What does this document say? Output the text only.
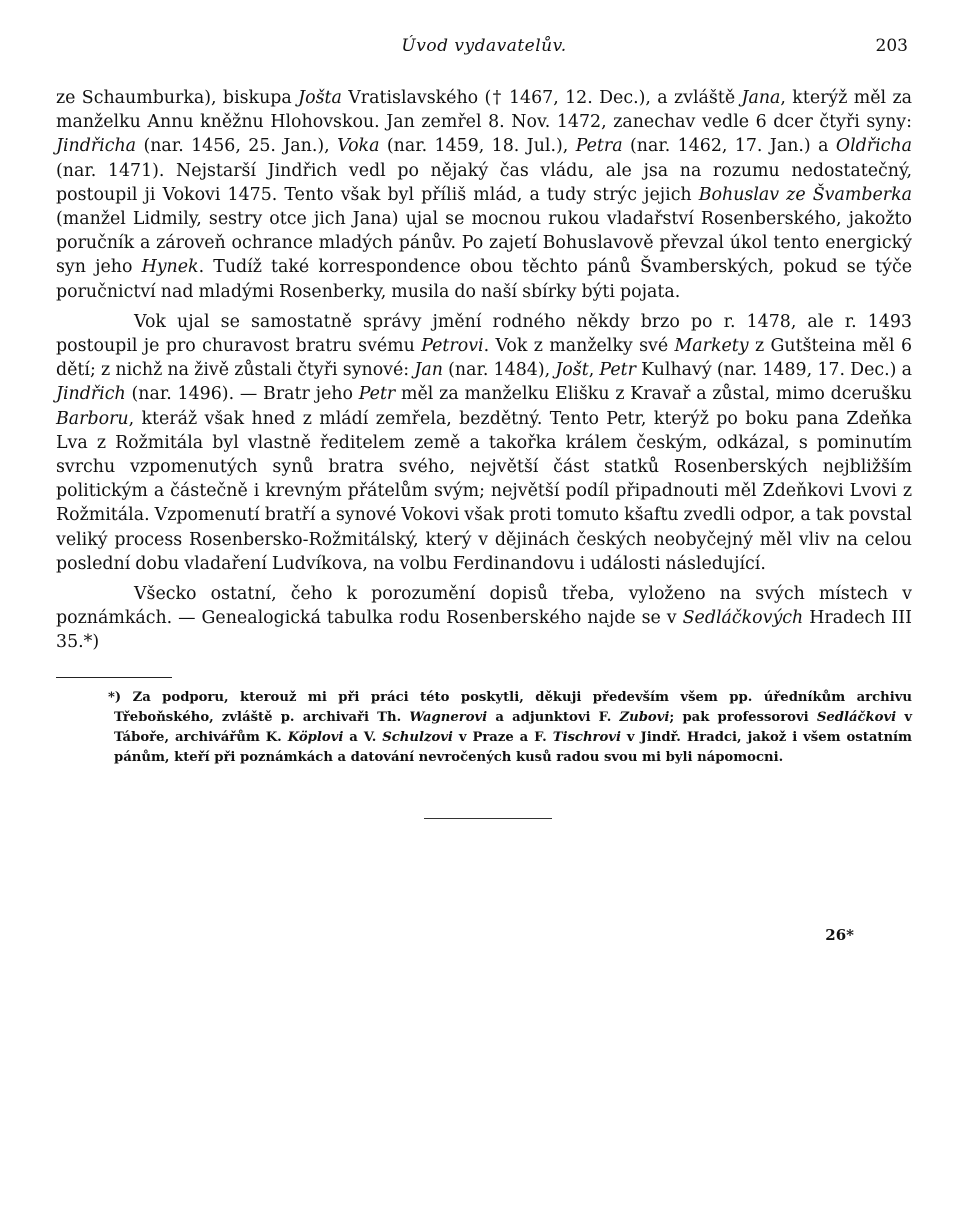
Úvod vydavatelův.	203

ze Schaumburka), biskupa Jošta Vratislavského († 1467, 12. Dec.), a zvláště Jana, kterýž měl za manželku Annu kněžnu Hlohovskou. Jan zemřel 8. Nov. 1472, zanechav vedle 6 dcer čtyři syny: Jindřicha (nar. 1456, 25. Jan.), Voka (nar. 1459, 18. Jul.), Petra (nar. 1462, 17. Jan.) a Oldřicha (nar. 1471). Nejstarší Jindřich vedl po nějaký čas vládu, ale jsa na rozumu nedostatečný, postoupil ji Vokovi 1475. Tento však byl příliš mlád, a tudy strýc jejich Bohuslav ze Švamberka (manžel Lidmily, sestry otce jich Jana) ujal se mocnou rukou vladařství Rosenberského, jakožto poručník a zároveň ochrance mladých pánův. Po zajetí Bohuslavově převzal úkol tento energický syn jeho Hynek. Tudíž také korrespondence obou těchto pánů Švamberských, pokud se týče poručnictví nad mladými Rosenberky, musila do naší sbírky býti pojata.

Vok ujal se samostatně správy jmění rodného někdy brzo po r. 1478, ale r. 1493 postoupil je pro churavost bratru svému Petrovi. Vok z manželky své Markety z Gutšteina měl 6 dětí; z nichž na živě zůstali čtyři synové: Jan (nar. 1484), Jošt, Petr Kulhavý (nar. 1489, 17. Dec.) a Jindřich (nar. 1496). — Bratr jeho Petr měl za manželku Elišku z Kravař a zůstal, mimo dcerušku Barboru, kteráž však hned z mládí zemřela, bezdětný. Tento Petr, kterýž po boku pana Zdeňka Lva z Rožmitála byl vlastně ředitelem země a takořka králem českým, odkázal, s pominutím svrchu vzpomenutých synů bratra svého, největší část statků Rosenberských nejbližším politickým a částečně i krevným přátelům svým; největší podíl připadnouti měl Zdeňkovi Lvovi z Rožmitála. Vzpomenutí bratří a synové Vokovi však proti tomuto kšaftu zvedli odpor, a tak povstal veliký process Rosenbersko-Rožmitálský, který v dějinách českých neobyčejný měl vliv na celou poslední dobu vladaření Ludvíkova, na volbu Ferdinandovu i události následující.

Všecko ostatní, čeho k porozumění dopisů třeba, vyloženo na svých místech v poznámkách. — Genealogická tabulka rodu Rosenberského najde se v Sedláčkových Hradech III 35.*)

*) Za podporu, kterouž mi při práci této poskytli, děkuji především všem pp. úředníkům archivu Třeboňského, zvláště p. archivaři Th. Wagnerovi a adjunktovi F. Zubovi; pak professorovi Sedláčkovi v Táboře, archivářům K. Köplovi a V. Schulzovi v Praze a F. Tischrovi v Jindř. Hradci, jakož i všem ostatním pánům, kteří při poznámkách a datování nevročených kusů radou svou mi byli nápomocni.

26*
